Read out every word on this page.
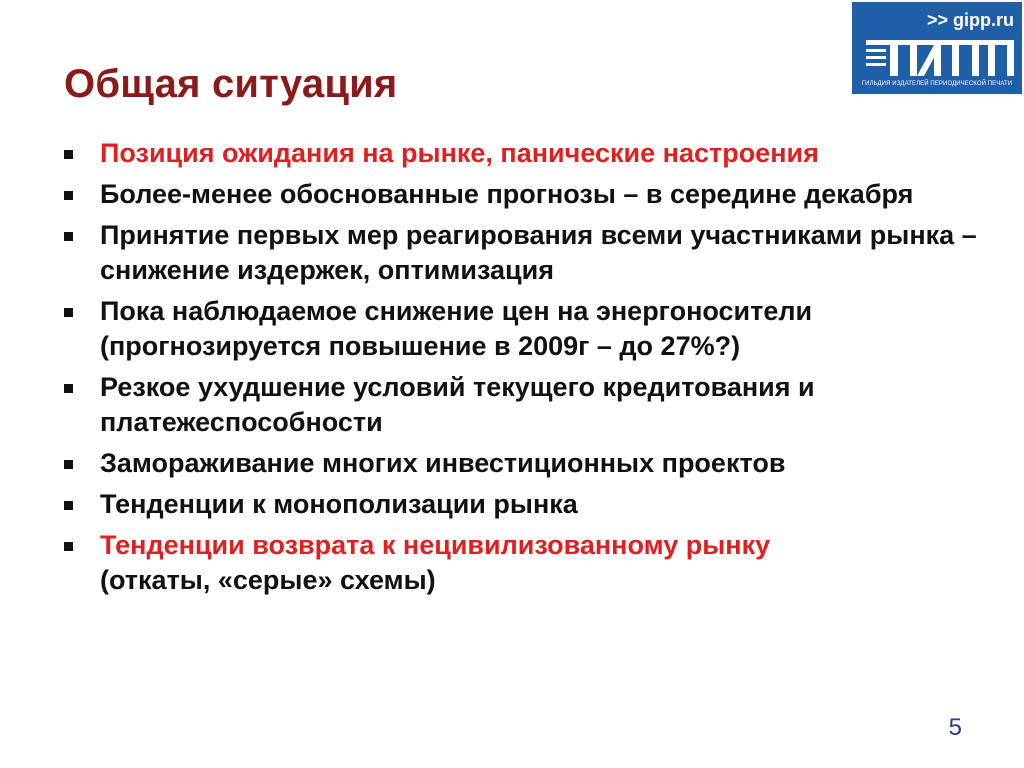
Общая ситуация
>> gipp.ru
ГИЛЬДИЯ ИЗДАТЕЛЕЙ ПЕРИОДИЧЕСКОЙ ПЕЧАТИ
Позиция ожидания на рынке, панические настроения
Более-менее обоснованные прогнозы – в середине декабря
Принятие первых мер реагирования всеми участниками рынка – снижение издержек, оптимизация
Пока наблюдаемое снижение цен на энергоносители (прогнозируется повышение в 2009г – до 27%?)
Резкое ухудшение условий текущего кредитования и платежеспособности
Замораживание многих инвестиционных проектов
Тенденции к монополизации рынка
Тенденции возврата к нецивилизованному рынку
(откаты, «серые» схемы)
5
